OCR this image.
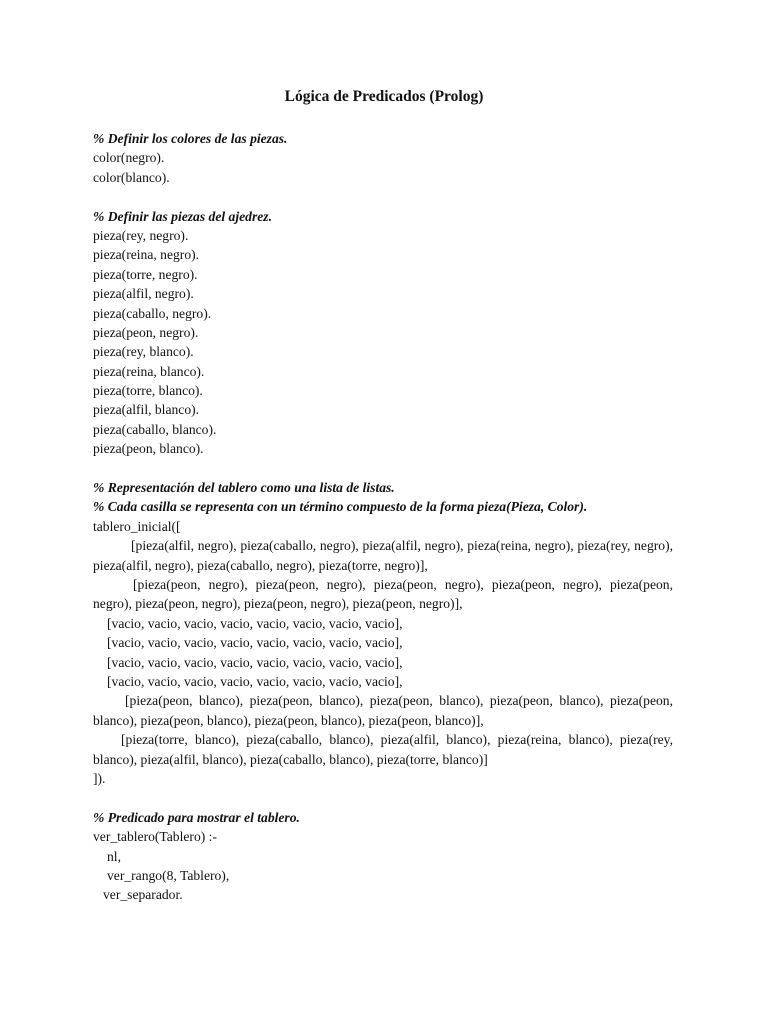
Lógica de Predicados (Prolog)
% Definir los colores de las piezas.
color(negro).
color(blanco).
% Definir las piezas del ajedrez.
pieza(rey, negro).
pieza(reina, negro).
pieza(torre, negro).
pieza(alfil, negro).
pieza(caballo, negro).
pieza(peon, negro).
pieza(rey, blanco).
pieza(reina, blanco).
pieza(torre, blanco).
pieza(alfil, blanco).
pieza(caballo, blanco).
pieza(peon, blanco).
% Representación del tablero como una lista de listas.
% Cada casilla se representa con un término compuesto de la forma pieza(Pieza, Color).
tablero_inicial([
[pieza(alfil, negro), pieza(caballo, negro), pieza(alfil, negro), pieza(reina, negro), pieza(rey, negro), pieza(alfil, negro), pieza(caballo, negro), pieza(torre, negro)],
[pieza(peon, negro), pieza(peon, negro), pieza(peon, negro), pieza(peon, negro), pieza(peon, negro), pieza(peon, negro), pieza(peon, negro), pieza(peon, negro)],
[vacio, vacio, vacio, vacio, vacio, vacio, vacio, vacio],
[vacio, vacio, vacio, vacio, vacio, vacio, vacio, vacio],
[vacio, vacio, vacio, vacio, vacio, vacio, vacio, vacio],
[vacio, vacio, vacio, vacio, vacio, vacio, vacio, vacio],
[pieza(peon, blanco), pieza(peon, blanco), pieza(peon, blanco), pieza(peon, blanco), pieza(peon, blanco), pieza(peon, blanco), pieza(peon, blanco), pieza(peon, blanco)],
[pieza(torre, blanco), pieza(caballo, blanco), pieza(alfil, blanco), pieza(reina, blanco), pieza(rey, blanco), pieza(alfil, blanco), pieza(caballo, blanco), pieza(torre, blanco)]
]).
% Predicado para mostrar el tablero.
ver_tablero(Tablero) :-
nl,
ver_rango(8, Tablero),
ver_separador.
